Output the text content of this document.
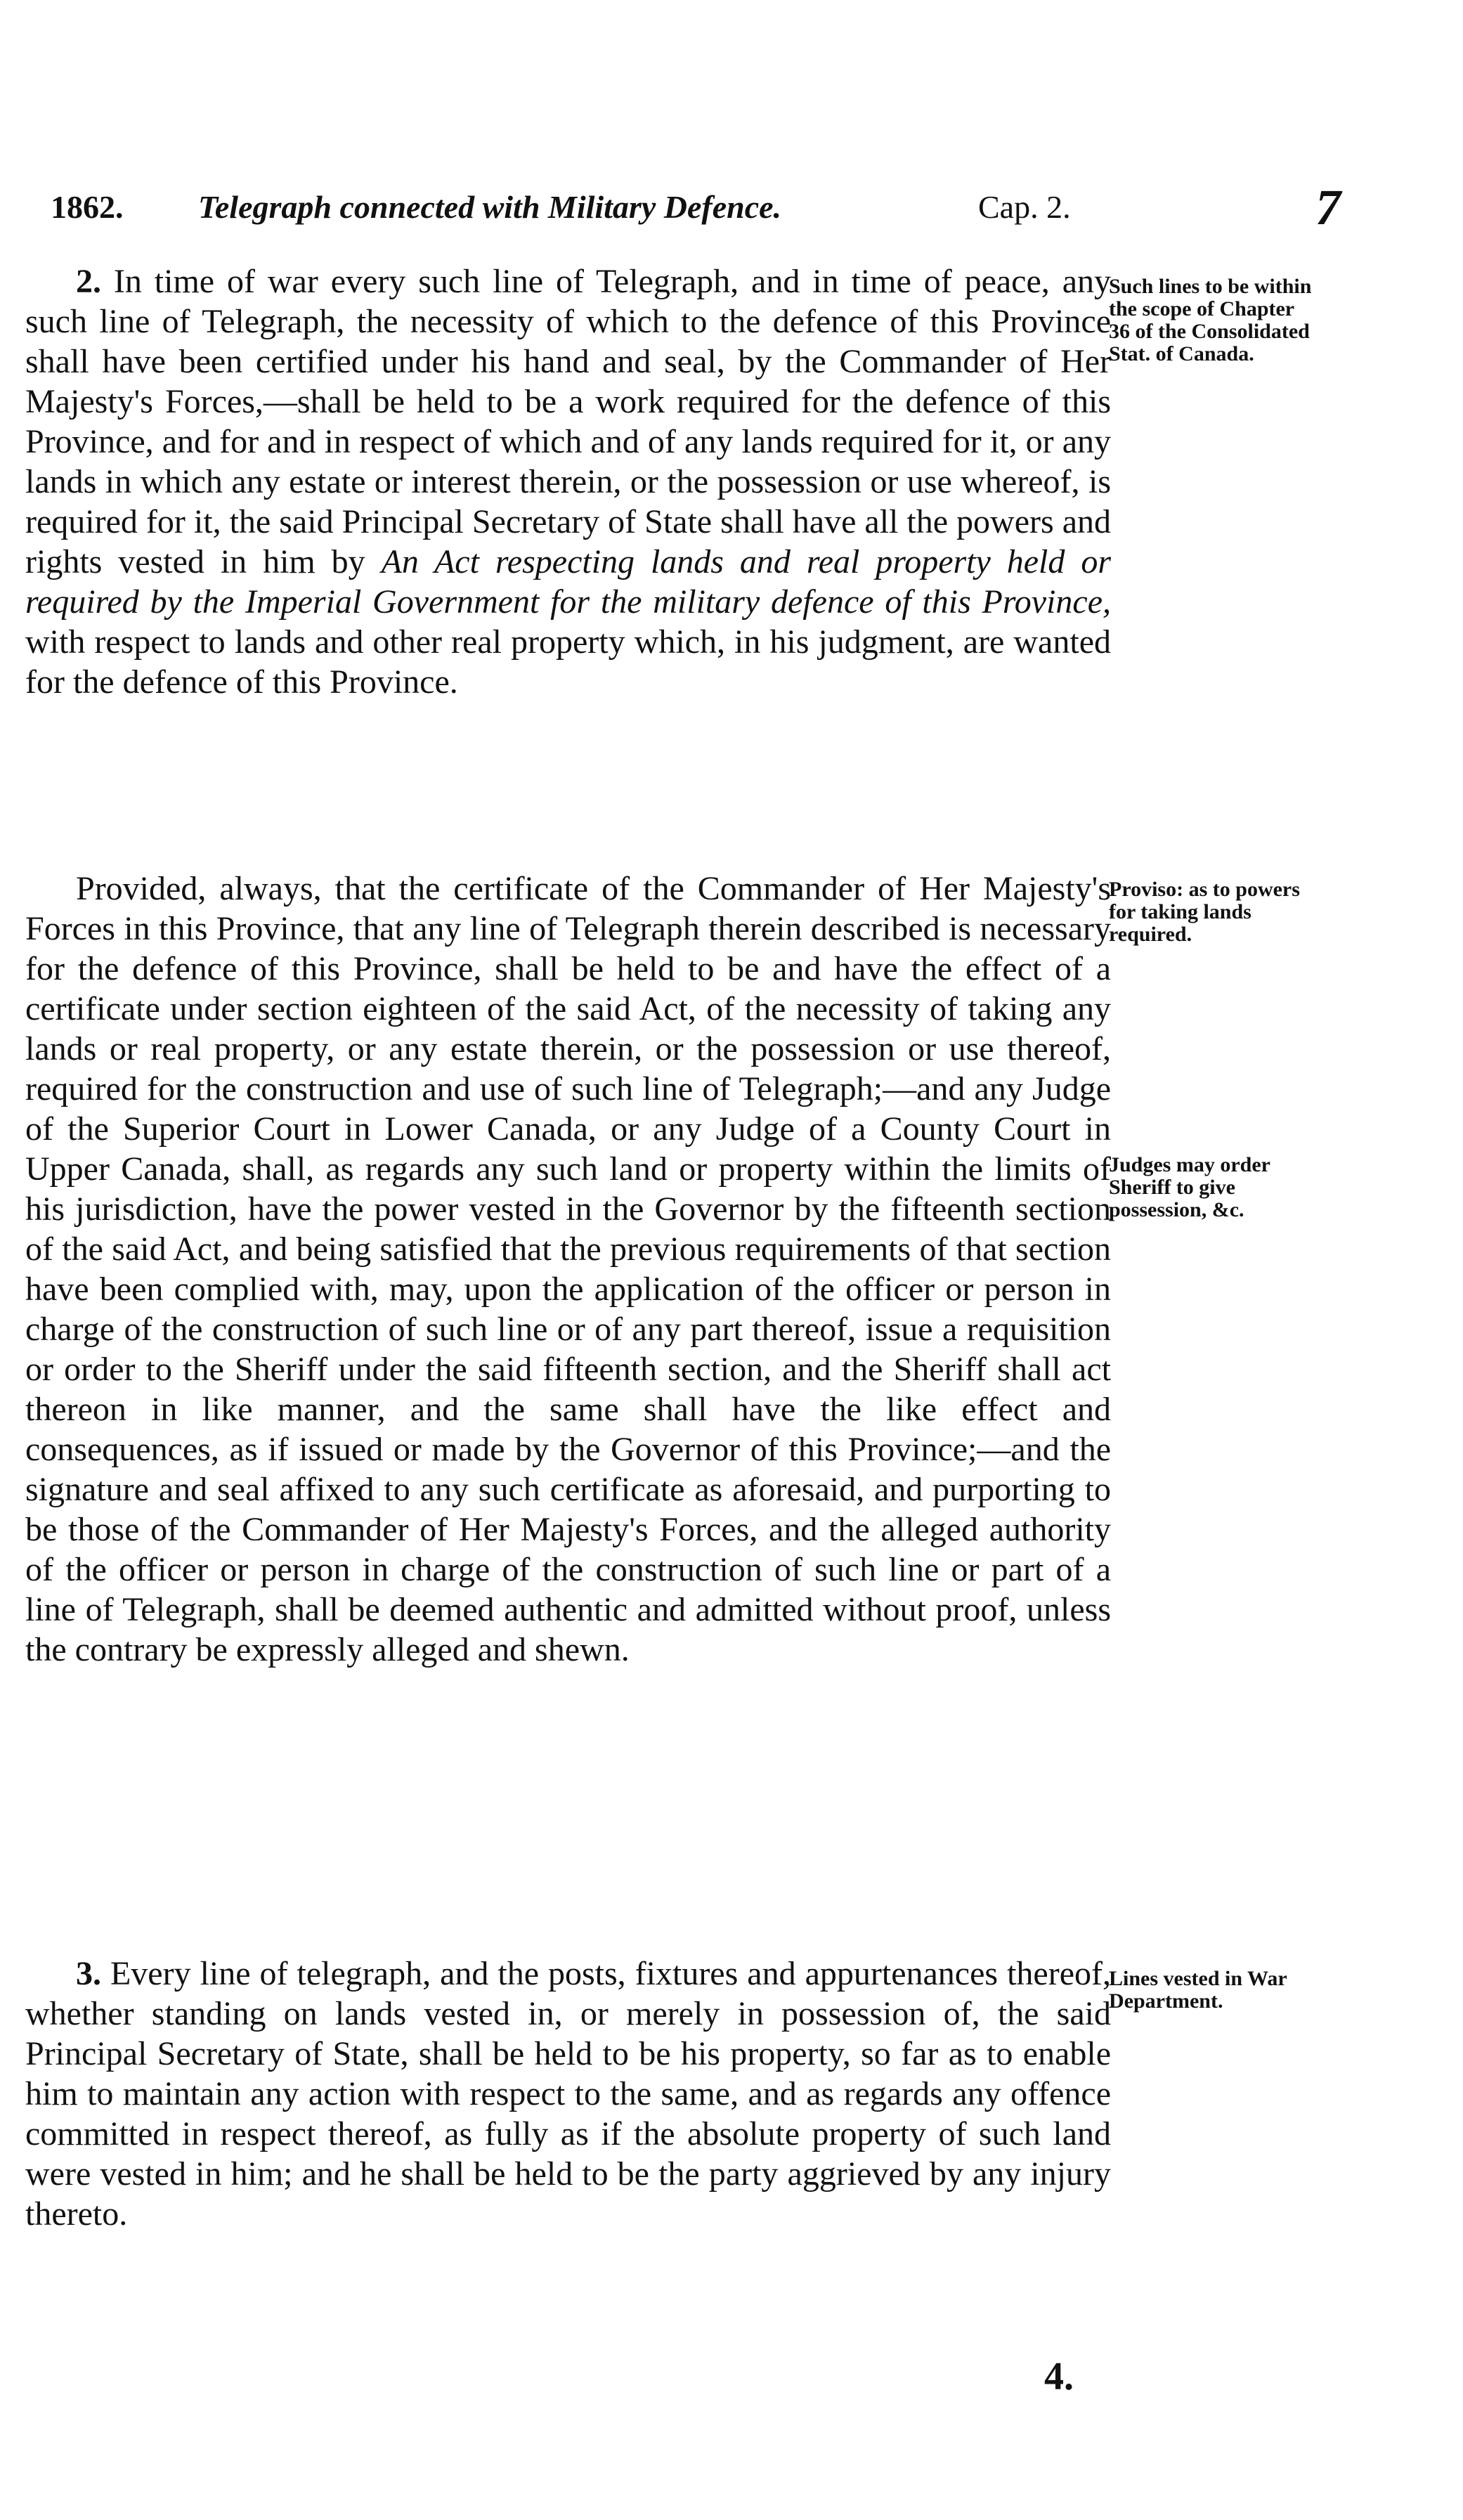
1862. Telegraph connected with Military Defence.	Cap. 2.	7

2. In time of war every such line of Telegraph, and in time of peace, any such line of Telegraph, the necessity of which to the defence of this Province shall have been certified under his hand and seal, by the Commander of Her Majesty's Forces,—shall be held to be a work required for the defence of this Province, and for and in respect of which and of any lands required for it, or any lands in which any estate or interest therein, or the possession or use whereof, is required for it, the said Principal Secretary of State shall have all the powers and rights vested in him by An Act respecting lands and real property held or required by the Imperial Government for the military defence of this Province, with respect to lands and other real property which, in his judgment, are wanted for the defence of this Province.

Provided, always, that the certificate of the Commander of Her Majesty's Forces in this Province, that any line of Telegraph therein described is necessary for the defence of this Province, shall be held to be and have the effect of a certificate under section eighteen of the said Act, of the necessity of taking any lands or real property, or any estate therein, or the possession or use thereof, required for the construction and use of such line of Telegraph;—and any Judge of the Superior Court in Lower Canada, or any Judge of a County Court in Upper Canada, shall, as regards any such land or property within the limits of his jurisdiction, have the power vested in the Governor by the fifteenth section of the said Act, and being satisfied that the previous requirements of that section have been complied with, may, upon the application of the officer or person in charge of the construction of such line or of any part thereof, issue a requisition or order to the Sheriff under the said fifteenth section, and the Sheriff shall act thereon in like manner, and the same shall have the like effect and consequences, as if issued or made by the Governor of this Province;—and the signature and seal affixed to any such certificate as aforesaid, and purporting to be those of the Commander of Her Majesty's Forces, and the alleged authority of the officer or person in charge of the construction of such line or part of a line of Telegraph, shall be deemed authentic and admitted without proof, unless the contrary be expressly alleged and shewn.

3. Every line of telegraph, and the posts, fixtures and appurtenances thereof, whether standing on lands vested in, or merely in possession of, the said Principal Secretary of State, shall be held to be his property, so far as to enable him to maintain any action with respect to the same, and as regards any offence committed in respect thereof, as fully as if the absolute property of such land were vested in him; and he shall be held to be the party aggrieved by any injury thereto.

Such lines to be within the scope of Chapter 36 of the Consolidated Stat. of Canada.
Proviso: as to powers for taking lands required.
Judges may order Sheriff to give possession, &c.
Lines vested in War Department.
4.
